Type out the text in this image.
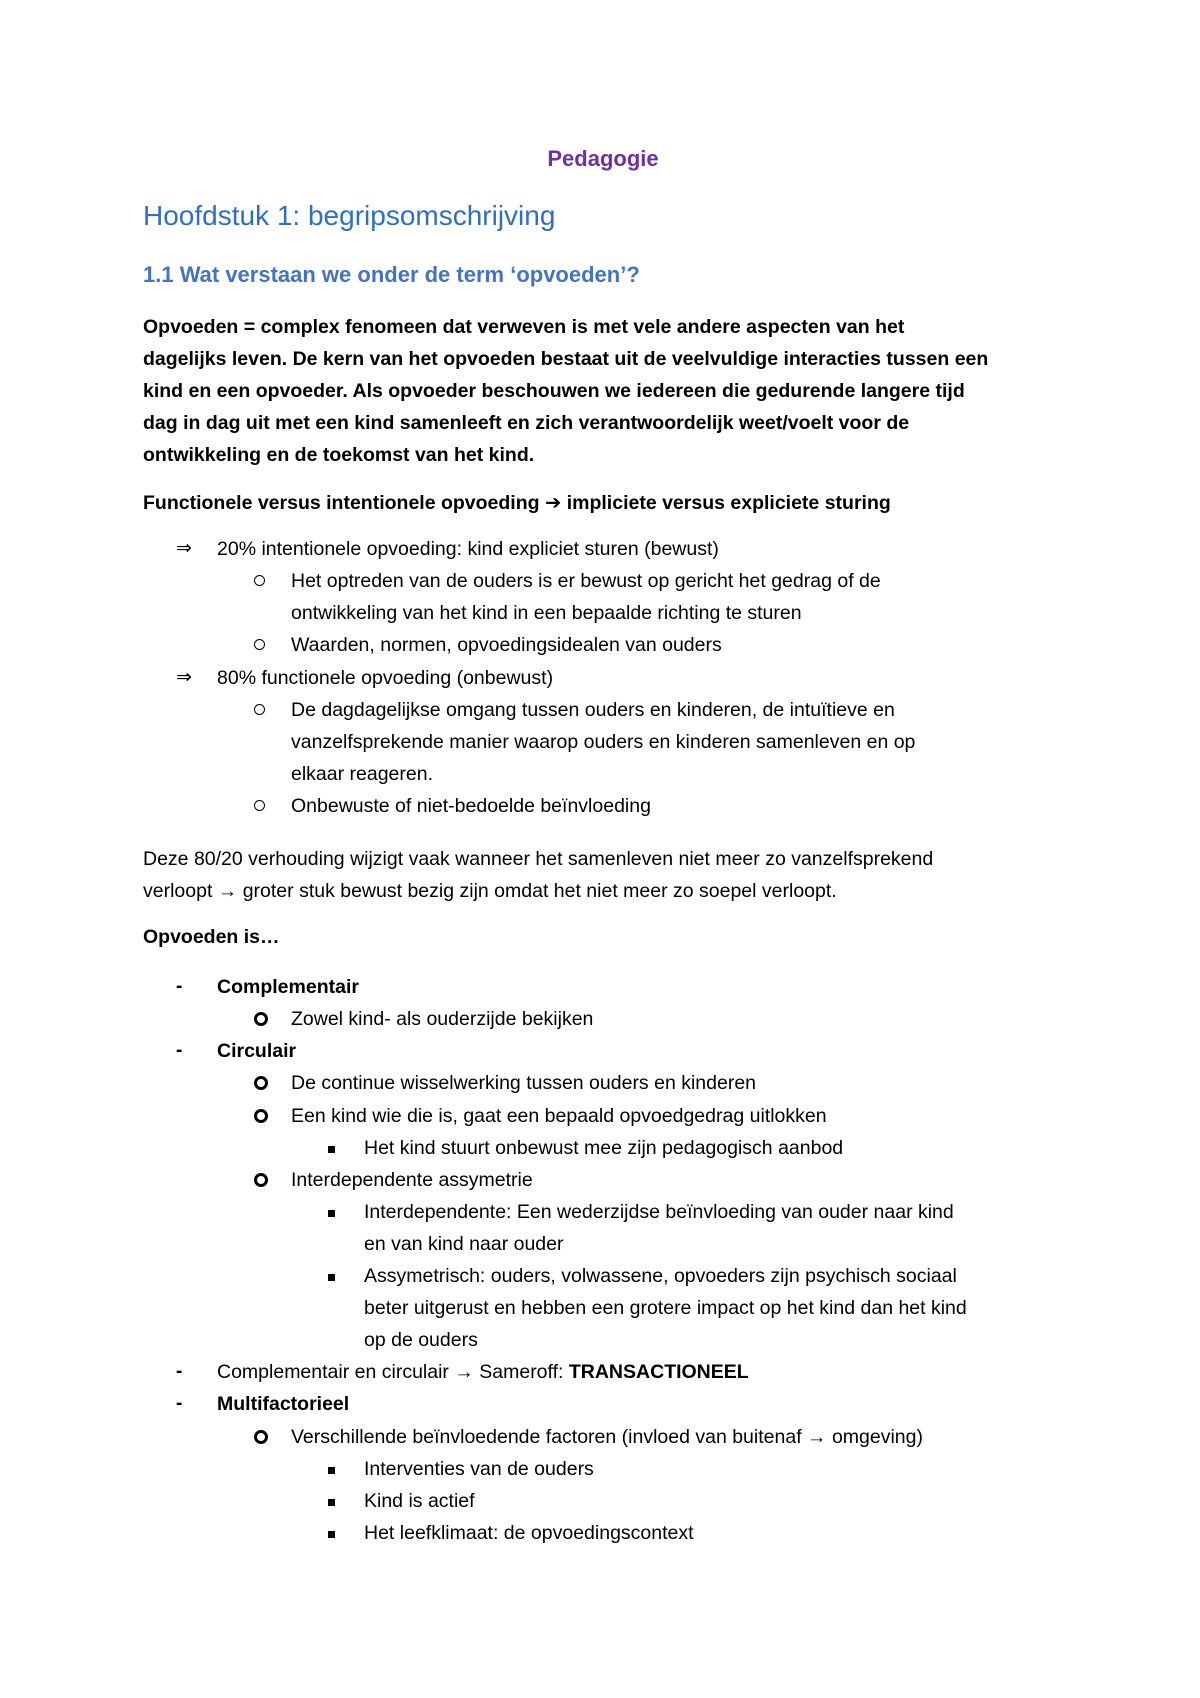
Pedagogie
Hoofdstuk 1: begripsomschrijving
1.1 Wat verstaan we onder de term ‘opvoeden’?
Opvoeden = complex fenomeen dat verweven is met vele andere aspecten van het
dagelijks leven. De kern van het opvoeden bestaat uit de veelvuldige interacties tussen een
kind en een opvoeder. Als opvoeder beschouwen we iedereen die gedurende langere tijd
dag in dag uit met een kind samenleeft en zich verantwoordelijk weet/voelt voor de
ontwikkeling en de toekomst van het kind.
Functionele versus intentionele opvoeding ➔ impliciete versus expliciete sturing
⇒ 20% intentionele opvoeding: kind expliciet sturen (bewust)
Het optreden van de ouders is er bewust op gericht het gedrag of de
ontwikkeling van het kind in een bepaalde richting te sturen
Waarden, normen, opvoedingsidealen van ouders
⇒ 80% functionele opvoeding (onbewust)
De dagdagelijkse omgang tussen ouders en kinderen, de intuïtieve en
vanzelfsprekende manier waarop ouders en kinderen samenleven en op
elkaar reageren.
Onbewuste of niet-bedoelde beïnvloeding
Deze 80/20 verhouding wijzigt vaak wanneer het samenleven niet meer zo vanzelfsprekend
verloopt → groter stuk bewust bezig zijn omdat het niet meer zo soepel verloopt.
Opvoeden is…
- Complementair
Zowel kind- als ouderzijde bekijken
- Circulair
De continue wisselwerking tussen ouders en kinderen
Een kind wie die is, gaat een bepaald opvoedgedrag uitlokken
Het kind stuurt onbewust mee zijn pedagogisch aanbod
Interdependente assymetrie
Interdependente: Een wederzijdse beïnvloeding van ouder naar kind
en van kind naar ouder
Assymetrisch: ouders, volwassene, opvoeders zijn psychisch sociaal
beter uitgerust en hebben een grotere impact op het kind dan het kind
op de ouders
- Complementair en circulair → Sameroff: TRANSACTIONEEL
- Multifactorieel
Verschillende beïnvloedende factoren (invloed van buitenaf → omgeving)
Interventies van de ouders
Kind is actief
Het leefklimaat: de opvoedingscontext
